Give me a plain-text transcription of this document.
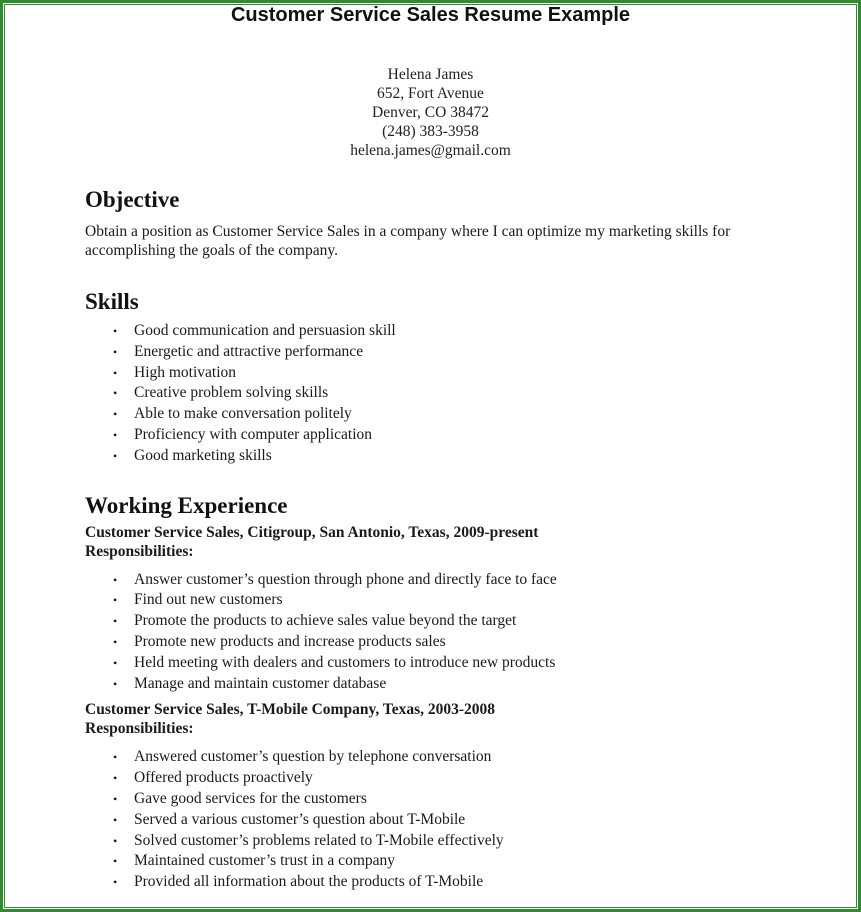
Customer Service Sales Resume Example
Helena James
652, Fort Avenue
Denver, CO 38472
(248) 383-3958
helena.james@gmail.com
Objective

Obtain a position as Customer Service Sales in a company where I can optimize my marketing skills for accomplishing the goals of the company.

Skills
• Good communication and persuasion skill
• Energetic and attractive performance
• High motivation
• Creative problem solving skills
• Able to make conversation politely
• Proficiency with computer application
• Good marketing skills
Working Experience

Customer Service Sales, Citigroup, San Antonio, Texas, 2009-present

Responsibilities:

• Answer customer’s question through phone and directly face to face
• Find out new customers
• Promote the products to achieve sales value beyond the target
• Promote new products and increase products sales
• Held meeting with dealers and customers to introduce new products
• Manage and maintain customer database

Customer Service Sales, T-Mobile Company, Texas, 2003-2008

Responsibilities:

• Answered customer’s question by telephone conversation
• Offered products proactively
• Gave good services for the customers
• Served a various customer’s question about T-Mobile
• Solved customer’s problems related to T-Mobile effectively
• Maintained customer’s trust in a company
• Provided all information about the products of T-Mobile
